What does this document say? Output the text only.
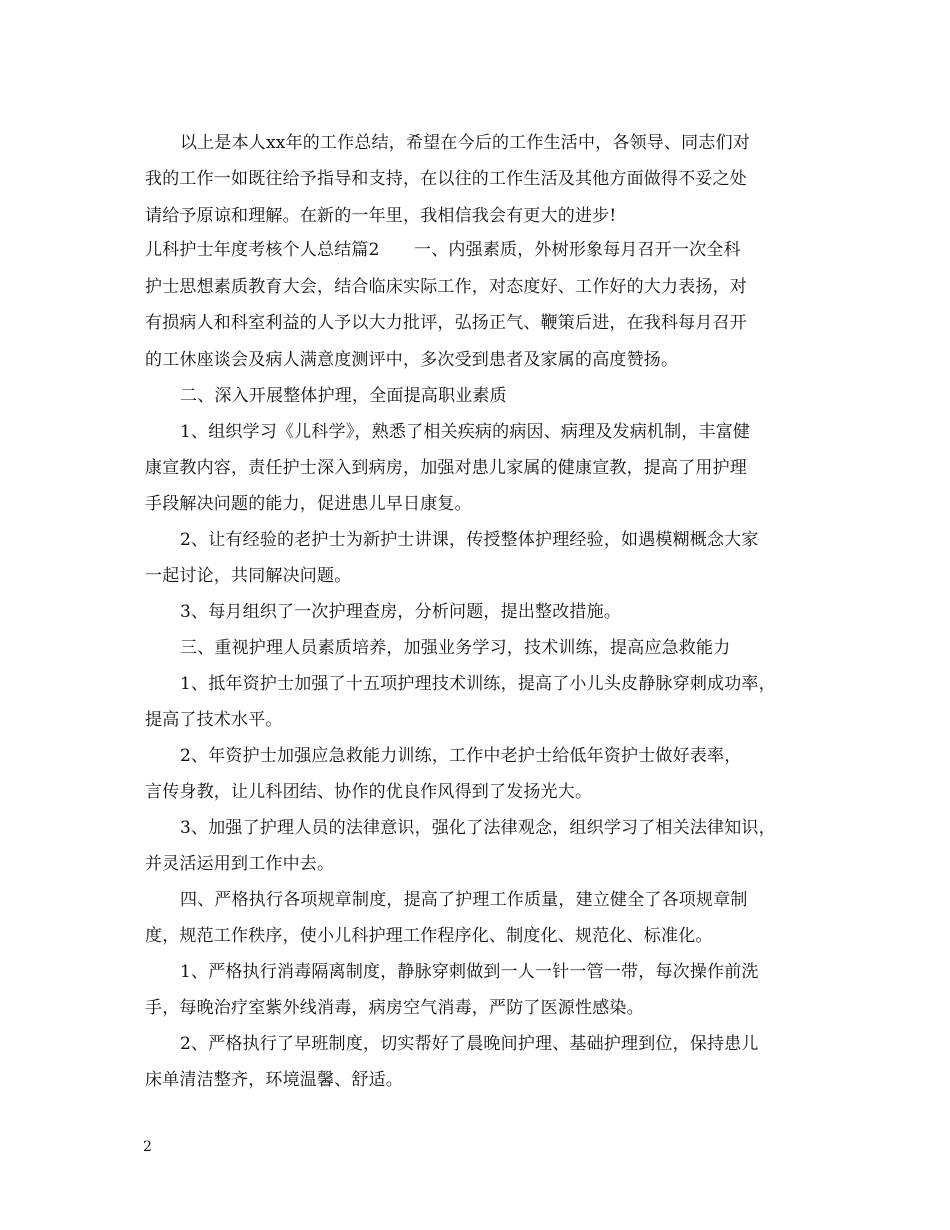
以上是本人xx年的工作总结，希望在今后的工作生活中，各领导、同志们对
我的工作一如既往给予指导和支持，在以往的工作生活及其他方面做得不妥之处
请给予原谅和理解。在新的一年里，我相信我会有更大的进步!
儿科护士年度考核个人总结篇2　　一、内强素质，外树形象每月召开一次全科
护士思想素质教育大会，结合临床实际工作，对态度好、工作好的大力表扬，对
有损病人和科室利益的人予以大力批评，弘扬正气、鞭策后进，在我科每月召开
的工休座谈会及病人满意度测评中，多次受到患者及家属的高度赞扬。
二、深入开展整体护理，全面提高职业素质
1、组织学习《儿科学》，熟悉了相关疾病的病因、病理及发病机制，丰富健
康宣教内容，责任护士深入到病房，加强对患儿家属的健康宣教，提高了用护理
手段解决问题的能力，促进患儿早日康复。
2、让有经验的老护士为新护士讲课，传授整体护理经验，如遇模糊概念大家
一起讨论，共同解决问题。
3、每月组织了一次护理查房，分析问题，提出整改措施。
三、重视护理人员素质培养，加强业务学习，技术训练，提高应急救能力
1、抵年资护士加强了十五项护理技术训练，提高了小儿头皮静脉穿刺成功率，
提高了技术水平。
2、年资护士加强应急救能力训练，工作中老护士给低年资护士做好表率，
言传身教，让儿科团结、协作的优良作风得到了发扬光大。
3、加强了护理人员的法律意识，强化了法律观念，组织学习了相关法律知识，
并灵活运用到工作中去。
四、严格执行各项规章制度，提高了护理工作质量，建立健全了各项规章制
度，规范工作秩序，使小儿科护理工作程序化、制度化、规范化、标准化。
1、严格执行消毒隔离制度，静脉穿刺做到一人一针一管一带，每次操作前洗
手，每晚治疗室紫外线消毒，病房空气消毒，严防了医源性感染。
2、严格执行了早班制度，切实帮好了晨晚间护理、基础护理到位，保持患儿
床单清洁整齐，环境温馨、舒适。
2
